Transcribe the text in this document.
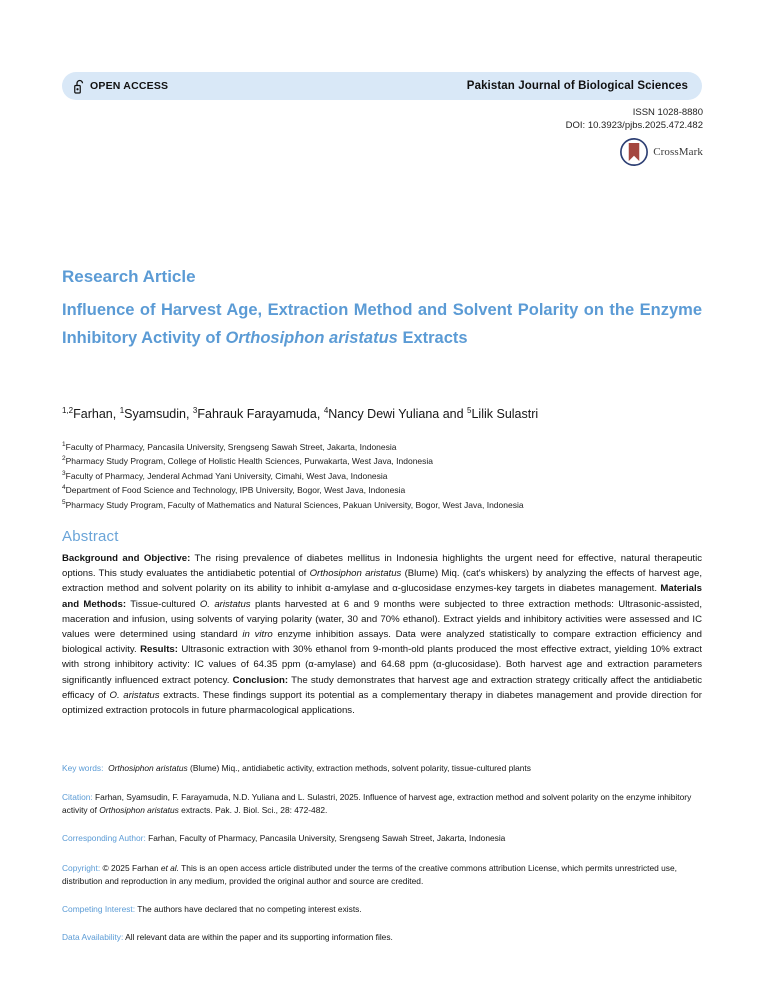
OPEN ACCESS	Pakistan Journal of Biological Sciences
ISSN 1028-8880
DOI: 10.3923/pjbs.2025.472.482
CrossMark
Research Article
Influence of Harvest Age, Extraction Method and Solvent Polarity on the Enzyme Inhibitory Activity of Orthosiphon aristatus Extracts
$^{1,2}$Farhan, $^1$Syamsudin, $^3$Fahrauk Farayamuda, $^4$Nancy Dewi Yuliana and $^5$Lilik Sulastri
$^1$Faculty of Pharmacy, Pancasila University, Srengseng Sawah Street, Jakarta, Indonesia
$^2$Pharmacy Study Program, College of Holistic Health Sciences, Purwakarta, West Java, Indonesia
$^3$Faculty of Pharmacy, Jenderal Achmad Yani University, Cimahi, West Java, Indonesia
$^4$Department of Food Science and Technology, IPB University, Bogor, West Java, Indonesia
$^5$Pharmacy Study Program, Faculty of Mathematics and Natural Sciences, Pakuan University, Bogor, West Java, Indonesia
Abstract
Background and Objective: The rising prevalence of diabetes mellitus in Indonesia highlights the urgent need for effective, natural therapeutic options. This study evaluates the antidiabetic potential of Orthosiphon aristatus (Blume) Miq. (cat's whiskers) by analyzing the effects of harvest age, extraction method and solvent polarity on its ability to inhibit α-amylase and α-glucosidase enzymes-key targets in diabetes management. Materials and Methods: Tissue-cultured O. aristatus plants harvested at 6 and 9 months were subjected to three extraction methods: Ultrasonic-assisted, maceration and infusion, using solvents of varying polarity (water, 30 and 70% ethanol). Extract yields and inhibitory activities were assessed and IC values were determined using standard in vitro enzyme inhibition assays. Data were analyzed statistically to compare extraction efficiency and biological activity. Results: Ultrasonic extraction with 30% ethanol from 9-month-old plants produced the most effective extract, yielding 10% extract with strong inhibitory activity: IC values of 64.35 ppm (α-amylase) and 64.68 ppm (α-glucosidase). Both harvest age and extraction parameters significantly influenced extract potency. Conclusion: The study demonstrates that harvest age and extraction strategy critically affect the antidiabetic efficacy of O. aristatus extracts. These findings support its potential as a complementary therapy in diabetes management and provide direction for optimized extraction protocols in future pharmacological applications.
Key words: Orthosiphon aristatus (Blume) Miq., antidiabetic activity, extraction methods, solvent polarity, tissue-cultured plants
Citation: Farhan, Syamsudin, F. Farayamuda, N.D. Yuliana and L. Sulastri, 2025. Influence of harvest age, extraction method and solvent polarity on the enzyme inhibitory activity of Orthosiphon aristatus extracts. Pak. J. Biol. Sci., 28: 472-482.
Corresponding Author: Farhan, Faculty of Pharmacy, Pancasila University, Srengseng Sawah Street, Jakarta, Indonesia
Copyright: © 2025 Farhan et al. This is an open access article distributed under the terms of the creative commons attribution License, which permits unrestricted use, distribution and reproduction in any medium, provided the original author and source are credited.
Competing Interest: The authors have declared that no competing interest exists.
Data Availability: All relevant data are within the paper and its supporting information files.
